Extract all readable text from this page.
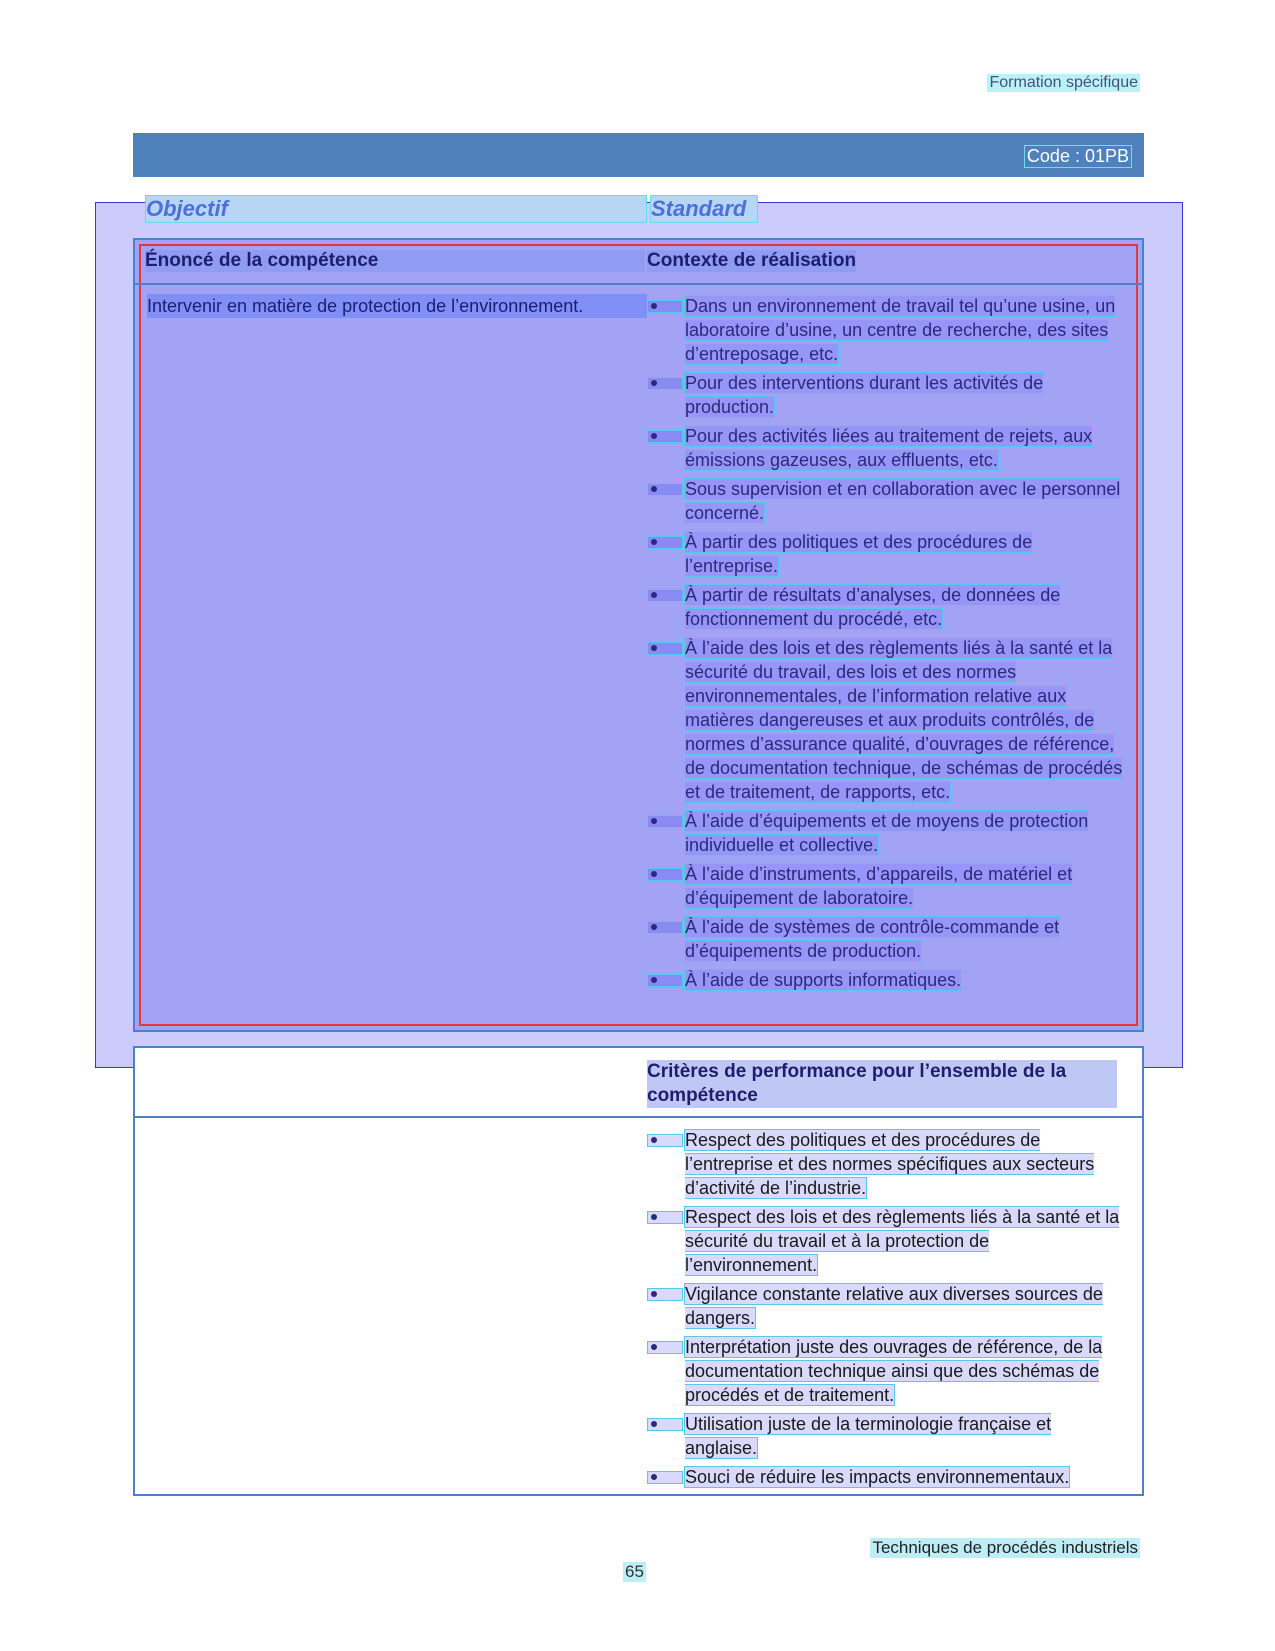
Formation spécifique
Code : 01PB
Objectif	Standard
Énoncé de la compétence	Contexte de réalisation
Intervenir en matière de protection de l’environnement.	Dans un environnement de travail tel qu’une usine, un laboratoire d’usine, un centre de recherche, des sites d’entreposage, etc.
Pour des interventions durant les activités de production.
Pour des activités liées au traitement de rejets, aux émissions gazeuses, aux effluents, etc.
Sous supervision et en collaboration avec le personnel concerné.
À partir des politiques et des procédures de l’entreprise.
À partir de résultats d’analyses, de données de fonctionnement du procédé, etc.
À l’aide des lois et des règlements liés à la santé et la sécurité du travail, des lois et des normes environnementales, de l’information relative aux matières dangereuses et aux produits contrôlés, de normes d’assurance qualité, d’ouvrages de référence, de documentation technique, de schémas de procédés et de traitement, de rapports, etc.
À l’aide d’équipements et de moyens de protection individuelle et collective.
À l’aide d’instruments, d’appareils, de matériel et d’équipement de laboratoire.
À l’aide de systèmes de contrôle-commande et d’équipements de production.
À l’aide de supports informatiques.
Critères de performance pour l’ensemble de la compétence
Respect des politiques et des procédures de l’entreprise et des normes spécifiques aux secteurs d’activité de l’industrie.
Respect des lois et des règlements liés à la santé et la sécurité du travail et à la protection de l’environnement.
Vigilance constante relative aux diverses sources de dangers.
Interprétation juste des ouvrages de référence, de la documentation technique ainsi que des schémas de procédés et de traitement.
Utilisation juste de la terminologie française et anglaise.
Souci de réduire les impacts environnementaux.
Techniques de procédés industriels
65
